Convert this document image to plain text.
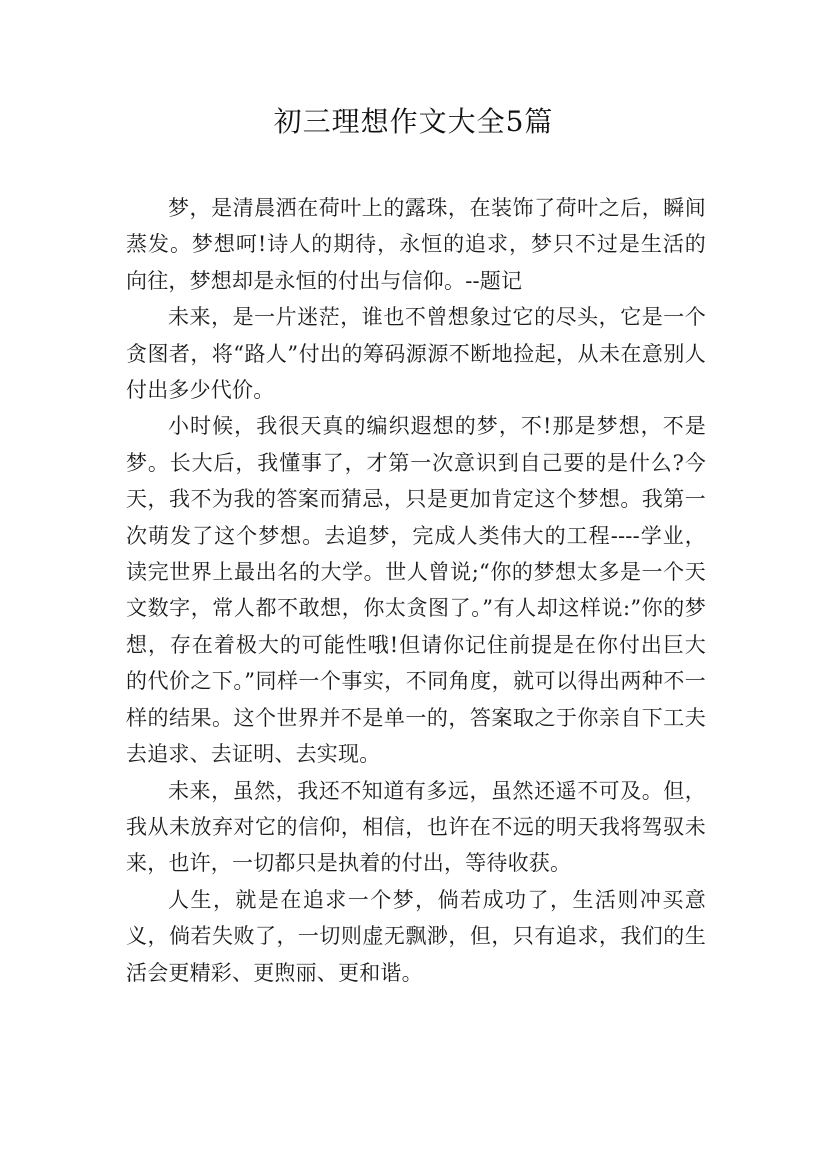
初三理想作文大全5篇

梦，是清晨洒在荷叶上的露珠，在装饰了荷叶之后，瞬间蒸发。梦想呵!诗人的期待，永恒的追求，梦只不过是生活的向往，梦想却是永恒的付出与信仰。--题记

未来，是一片迷茫，谁也不曾想象过它的尽头，它是一个贪图者，将“路人”付出的筹码源源不断地捡起，从未在意别人付出多少代价。

小时候，我很天真的编织遐想的梦，不!那是梦想，不是梦。长大后，我懂事了，才第一次意识到自己要的是什么?今天，我不为我的答案而猜忌，只是更加肯定这个梦想。我第一次萌发了这个梦想。去追梦，完成人类伟大的工程----学业，读完世界上最出名的大学。世人曾说;“你的梦想太多是一个天文数字，常人都不敢想，你太贪图了。”有人却这样说:”你的梦想，存在着极大的可能性哦!但请你记住前提是在你付出巨大的代价之下。”同样一个事实，不同角度，就可以得出两种不一样的结果。这个世界并不是单一的，答案取之于你亲自下工夫去追求、去证明、去实现。

未来，虽然，我还不知道有多远，虽然还遥不可及。但，我从未放弃对它的信仰，相信，也许在不远的明天我将驾驭未来，也许，一切都只是执着的付出，等待收获。

人生，就是在追求一个梦，倘若成功了，生活则冲买意义，倘若失败了，一切则虚无飘渺，但，只有追求，我们的生活会更精彩、更煦丽、更和谐。
